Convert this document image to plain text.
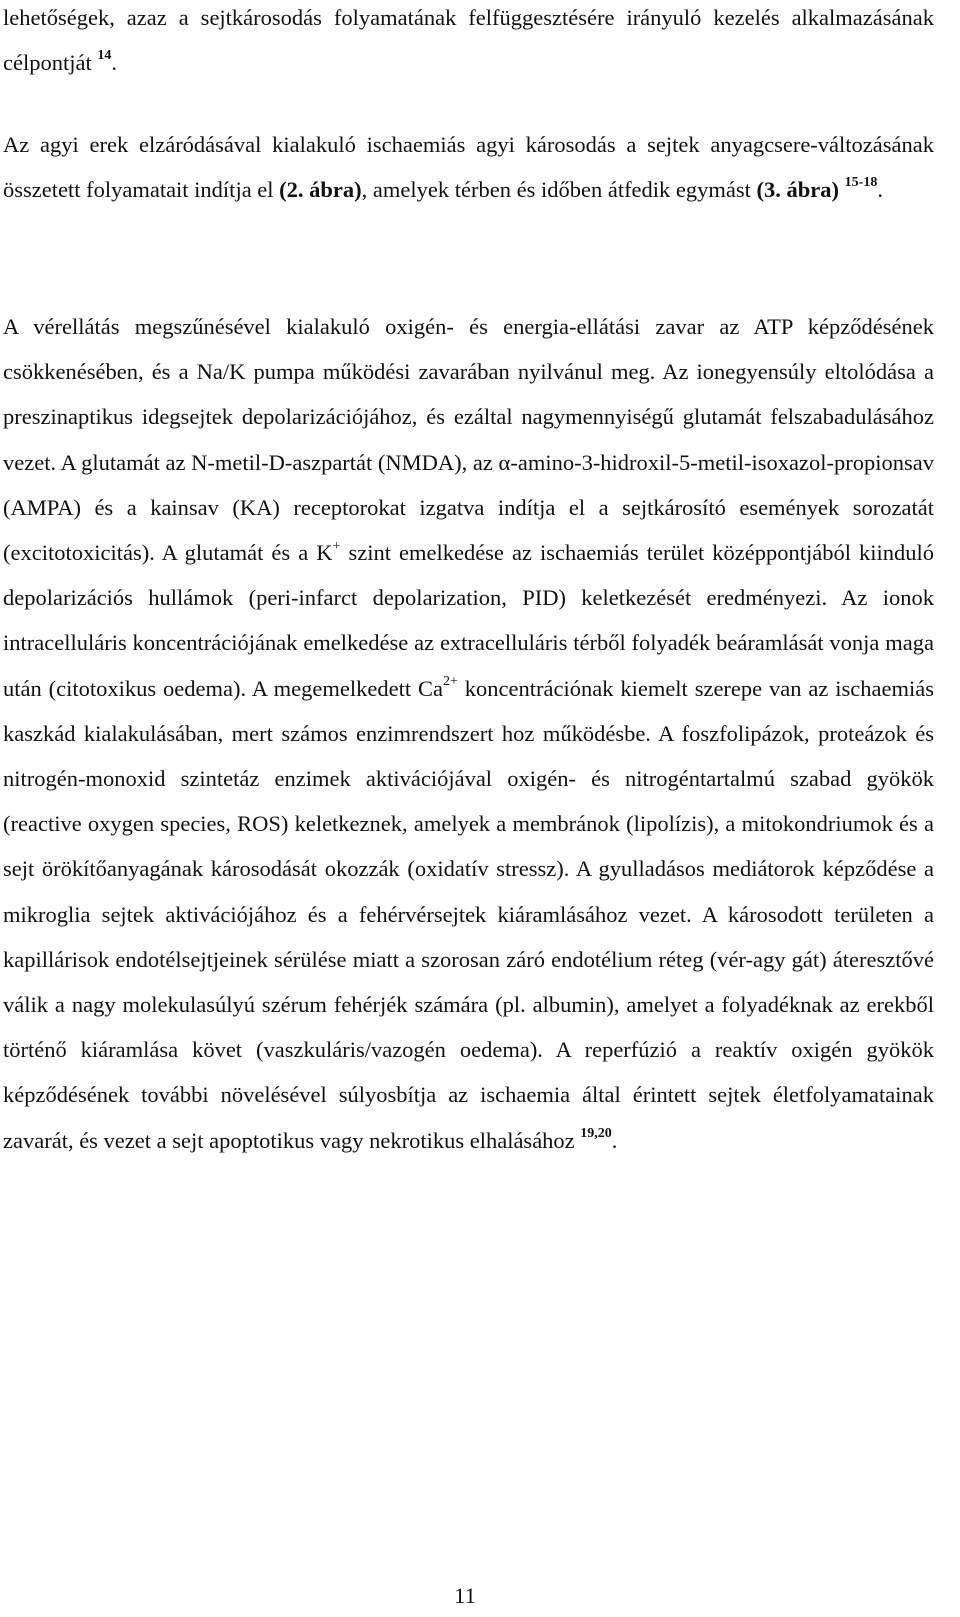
lehetőségek, azaz a sejtkárosodás folyamatának felfüggesztésére irányuló kezelés alkalmazásának célpontját $^{14}$.

Az agyi erek elzáródásával kialakuló ischaemiás agyi károsodás a sejtek anyagcsere-változásának összetett folyamatait indítja el (2. ábra), amelyek térben és időben átfedik egymást (3. ábra) $^{15-18}$.

A vérellátás megszűnésével kialakuló oxigén- és energia-ellátási zavar az ATP képződésének csökkenésében, és a Na/K pumpa működési zavarában nyilvánul meg. Az ionegyensúly eltolódása a preszinaptikus idegsejtek depolarizációjához, és ezáltal nagymennyiségű glutamát felszabadulásához vezet. A glutamát az N-metil-D-aszpartát (NMDA), az α-amino-3-hidroxil-5-metil-isoxazol-propionsav (AMPA) és a kainsav (KA) receptorokat izgatva indítja el a sejtkárosító események sorozatát (excitotoxicitás). A glutamát és a K+ szint emelkedése az ischaemiás terület középpontjából kiinduló depolarizációs hullámok (peri-infarct depolarization, PID) keletkezését eredményezi. Az ionok intracelluláris koncentrációjának emelkedése az extracelluláris térből folyadék beáramlását vonja maga után (citotoxikus oedema). A megemelkedett $Ca^{2+}$ koncentrációnak kiemelt szerepe van az ischaemiás kaszkád kialakulásában, mert számos enzimrendszert hoz működésbe. A foszfolipázok, proteázok és nitrogén-monoxid szintetáz enzimek aktivációjával oxigén- és nitrogéntartalmú szabad gyökök (reactive oxygen species, ROS) keletkeznek, amelyek a membránok (lipolízis), a mitokondriumok és a sejt örökítőanyagának károsodását okozzák (oxidatív stressz). A gyulladásos mediátorok képződése a mikroglia sejtek aktivációjához és a fehérvérsejtek kiáramlásához vezet. A károsodott területen a kapillárisok endotélsejtjeinek sérülése miatt a szorosan záró endotélium réteg (vér-agy gát) áteresztővé válik a nagy molekulasúlyú szérum fehérjék számára (pl. albumin), amelyet a folyadéknak az erekből történő kiáramlása követ (vaszkuláris/vazogén oedema). A reperfúzió a reaktív oxigén gyökök képződésének további növelésével súlyosbítja az ischaemia által érintett sejtek életfolyamatainak zavarát, és vezet a sejt apoptotikus vagy nekrotikus elhalásához $^{19,20}$.

11
